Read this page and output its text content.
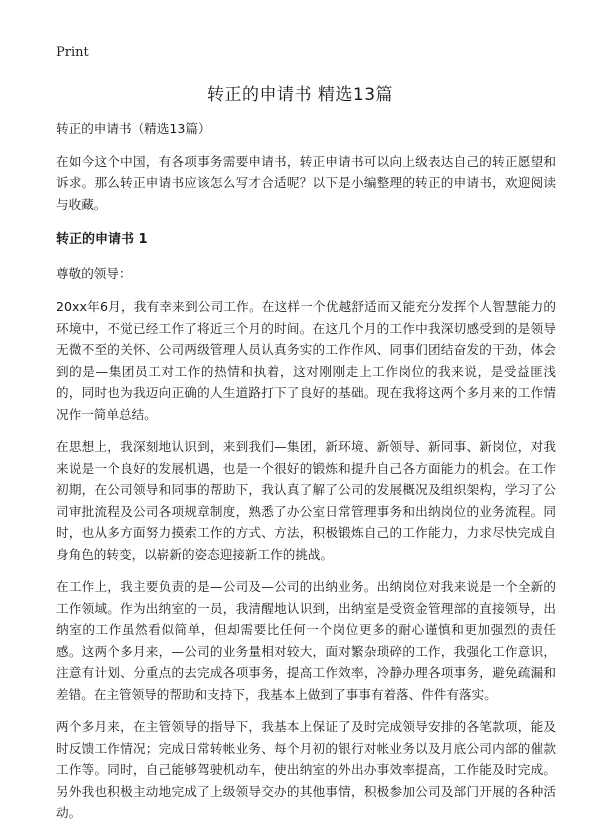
Print
转正的申请书 精选13篇

转正的申请书（精选13篇）

在如今这个中国，有各项事务需要申请书，转正申请书可以向上级表达自己的转正愿望和诉求。那么转正申请书应该怎么写才合适呢？以下是小编整理的转正的申请书，欢迎阅读与收藏。

转正的申请书 1

尊敬的领导：

20xx年6月，我有幸来到公司工作。在这样一个优越舒适而又能充分发挥个人智慧能力的环境中，不觉已经工作了将近三个月的时间。在这几个月的工作中我深切感受到的是领导无微不至的关怀、公司两级管理人员认真务实的工作作风、同事们团结奋发的干劲，体会到的是—集团员工对工作的热情和执着，这对刚刚走上工作岗位的我来说，是受益匪浅的，同时也为我迈向正确的人生道路打下了良好的基础。现在我将这两个多月来的工作情况作一简单总结。

在思想上，我深刻地认识到，来到我们—集团，新环境、新领导、新同事、新岗位，对我来说是一个良好的发展机遇，也是一个很好的锻炼和提升自己各方面能力的机会。在工作初期，在公司领导和同事的帮助下，我认真了解了公司的发展概况及组织架构，学习了公司审批流程及公司各项规章制度，熟悉了办公室日常管理事务和出纳岗位的业务流程。同时，也从多方面努力摸索工作的方式、方法，积极锻炼自己的工作能力，力求尽快完成自身角色的转变，以崭新的姿态迎接新工作的挑战。

在工作上，我主要负责的是—公司及—公司的出纳业务。出纳岗位对我来说是一个全新的工作领域。作为出纳室的一员，我清醒地认识到，出纳室是受资金管理部的直接领导，出纳室的工作虽然看似简单，但却需要比任何一个岗位更多的耐心谨慎和更加强烈的责任感。这两个多月来，—公司的业务量相对较大，面对繁杂琐碎的工作，我强化工作意识，注意有计划、分重点的去完成各项事务，提高工作效率，冷静办理各项事务，避免疏漏和差错。在主管领导的帮助和支持下，我基本上做到了事事有着落、件件有落实。

两个多月来，在主管领导的指导下，我基本上保证了及时完成领导安排的各笔款项，能及时反馈工作情况；完成日常转帐业务、每个月初的银行对帐业务以及月底公司内部的催款工作等。同时，自己能够驾驶机动车，使出纳室的外出办事效率提高，工作能及时完成。另外我也积极主动地完成了上级领导交办的其他事情，积极参加公司及部门开展的各种活动。
